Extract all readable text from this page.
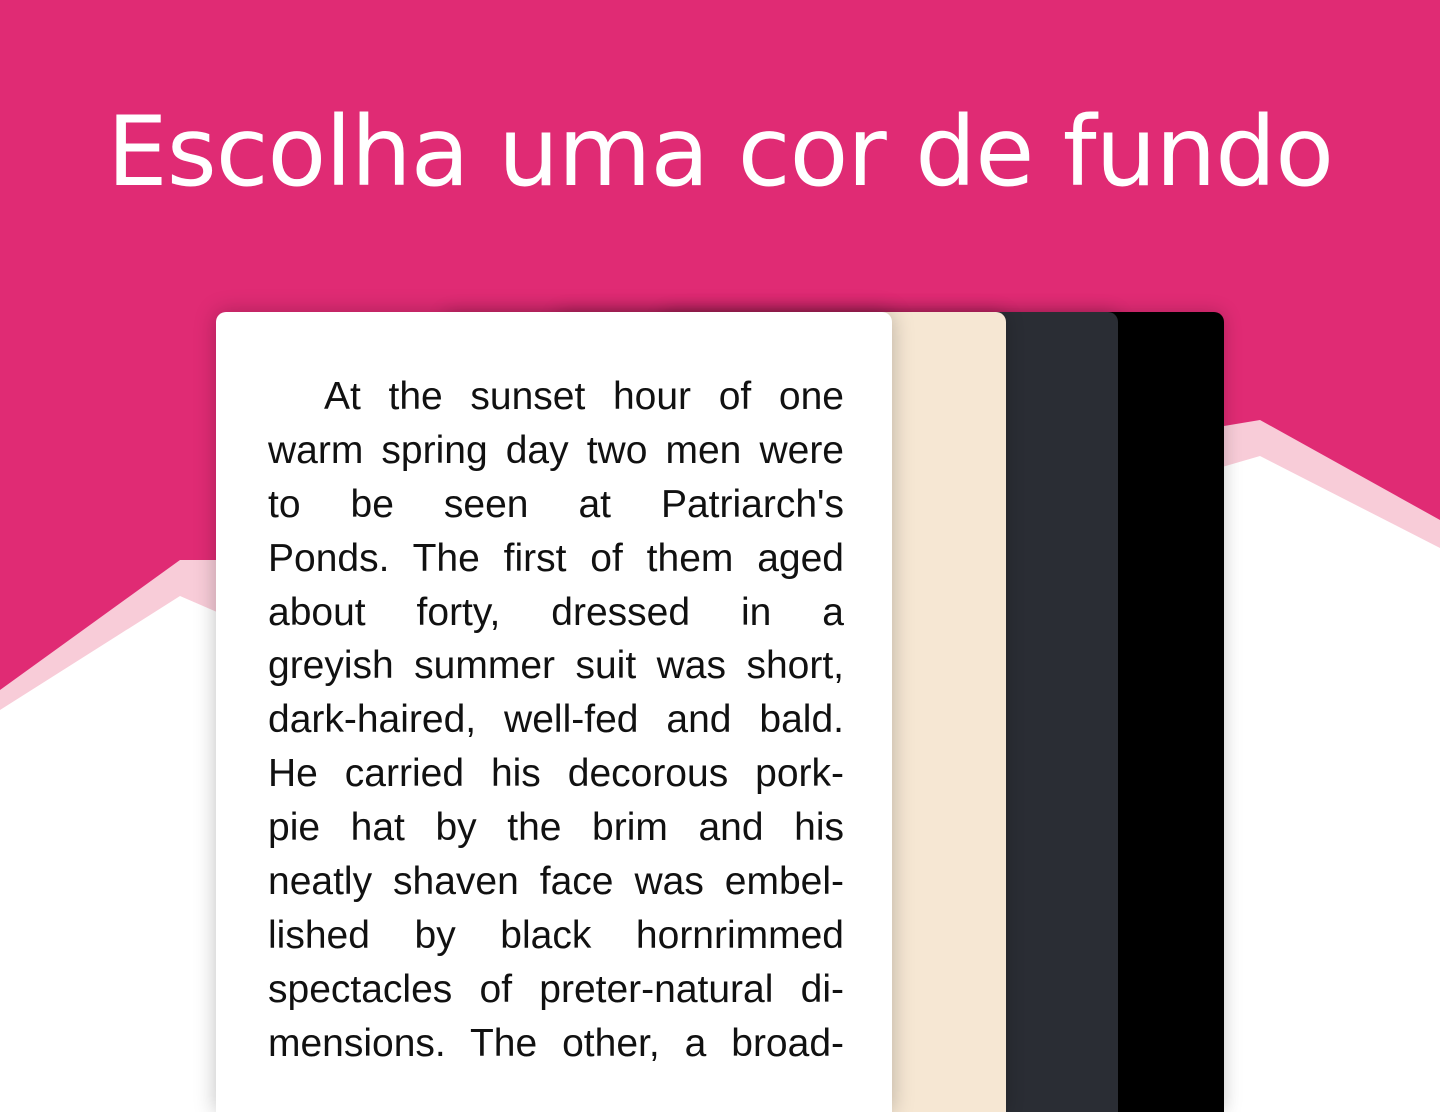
Escolha uma cor de fundo
At the sunset hour of one
warm spring day two men were
to be seen at Patriarch's
Ponds. The first of them aged
about forty, dressed in a
greyish summer suit was short,
dark-haired, well-fed and bald.
He carried his decorous pork-
pie hat by the brim and his
neatly shaven face was embel-
lished by black hornrimmed
spectacles of preter-natural di-
mensions. The other, a broad-
